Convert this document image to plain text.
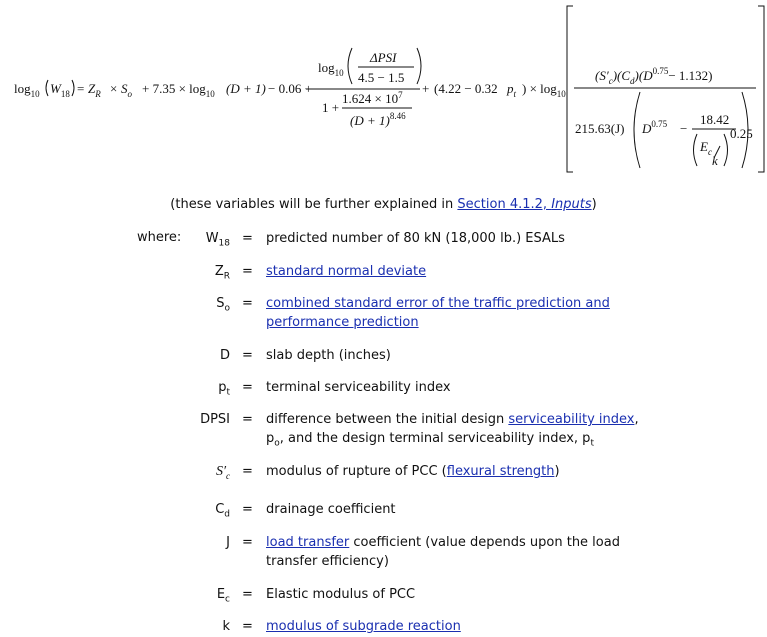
$\log_{10} W_{18} = Z_R \times S_o + 7.35 \times \log_{10} (D + 1) - 0.06$ +
$\log_{10}$
ΔPSI
4.5 − 1.5
1 +
$1.624 \times 10^7$
$(D + 1)^{8.46}$
+ (4.22 − 0.32 $p_t$ ) × $\log_{10}$
$(S'_c)(C_d)(D^{0.75}- 1.132)$
215.63(J) $D^{0.75}$ −
18.42
$E_c$
k
0.25
(these variables will be further explained in Section 4.1.2, Inputs)
where: $W_{18}$ = predicted number of 80 kN (18,000 lb.) ESALs
$Z_R$ = standard normal deviate
$S_o$ = combined standard error of the traffic prediction and performance prediction
D = slab depth (inches)
$p_t$ = terminal serviceability index
DPSI = difference between the initial design serviceability index,
$p_o$, and the design terminal serviceability index, $p_t$
$S'_c$ = modulus of rupture of PCC (flexural strength)
$C_d$ = drainage coefficient
J = load transfer coefficient (value depends upon the load transfer efficiency)
$E_c$ = Elastic modulus of PCC
k = modulus of subgrade reaction
